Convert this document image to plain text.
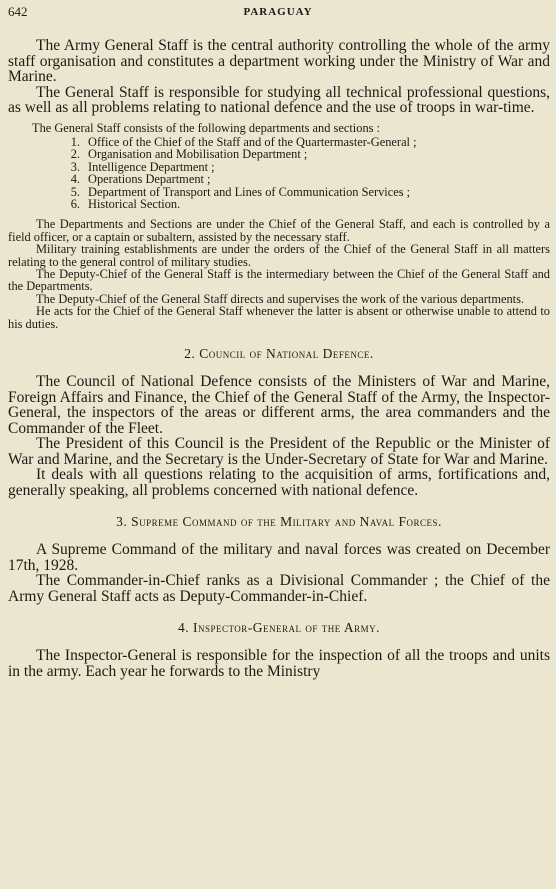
642	PARAGUAY

The Army General Staff is the central authority controlling the whole of the army staff organisation and constitutes a department working under the Ministry of War and Marine.

The General Staff is responsible for studying all technical professional questions, as well as all problems relating to national defence and the use of troops in war-time.

The General Staff consists of the following departments and sections :

1. Office of the Chief of the Staff and of the Quartermaster-General ;
2. Organisation and Mobilisation Department ;
3. Intelligence Department ;
4. Operations Department ;
5. Department of Transport and Lines of Communication Services ;
6. Historical Section.

The Departments and Sections are under the Chief of the General Staff, and each is controlled by a field officer, or a captain or subaltern, assisted by the necessary staff.

Military training establishments are under the orders of the Chief of the General Staff in all matters relating to the general control of military studies.

The Deputy-Chief of the General Staff is the intermediary between the Chief of the General Staff and the Departments.

The Deputy-Chief of the General Staff directs and supervises the work of the various departments.

He acts for the Chief of the General Staff whenever the latter is absent or otherwise unable to attend to his duties.

2. Council of National Defence.

The Council of National Defence consists of the Ministers of War and Marine, Foreign Affairs and Finance, the Chief of the General Staff of the Army, the Inspector-General, the inspectors of the areas or different arms, the area commanders and the Commander of the Fleet.

The President of this Council is the President of the Republic or the Minister of War and Marine, and the Secretary is the Under-Secretary of State for War and Marine.

It deals with all questions relating to the acquisition of arms, fortifications and, generally speaking, all problems concerned with national defence.

3. Supreme Command of the Military and Naval Forces.

A Supreme Command of the military and naval forces was created on December 17th, 1928.

The Commander-in-Chief ranks as a Divisional Commander ; the Chief of the Army General Staff acts as Deputy-Commander-in-Chief.

4. Inspector-General of the Army.

The Inspector-General is responsible for the inspection of all the troops and units in the army. Each year he forwards to the Ministry
